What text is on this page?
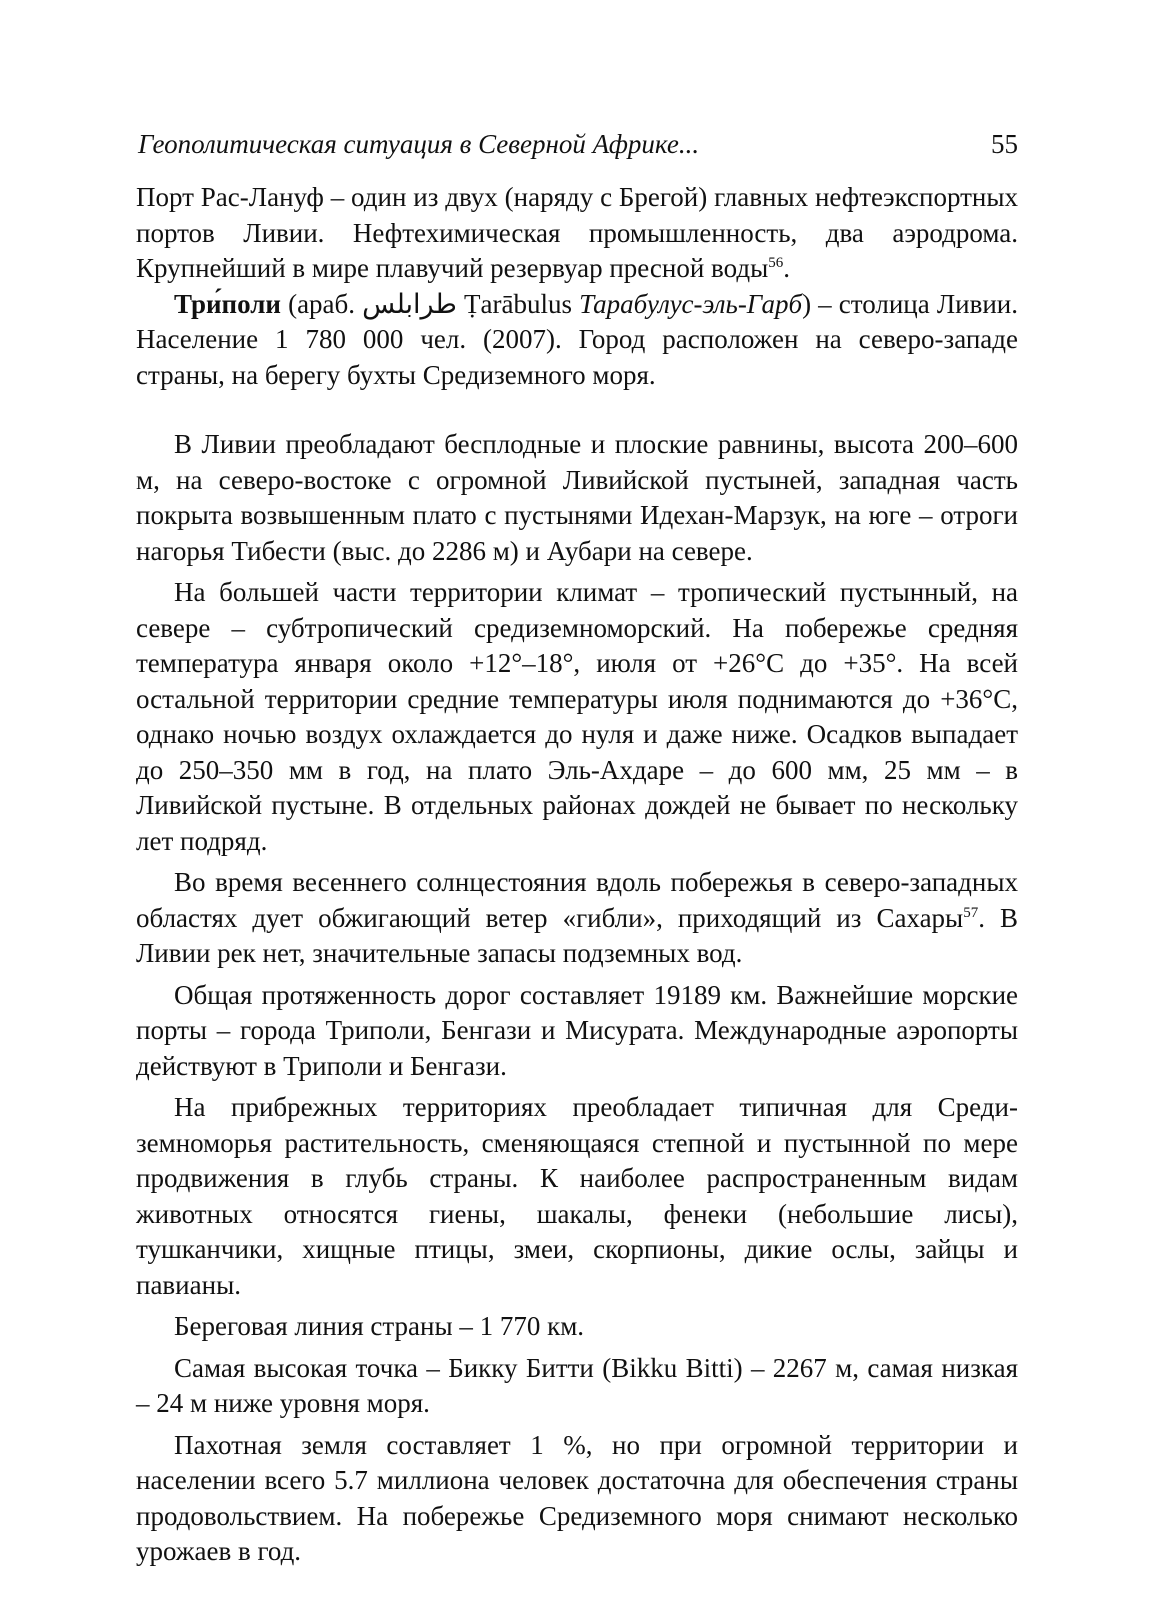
Геополитическая ситуация в Северной Африке...	55

Порт Рас-Лануф – один из двух (наряду с Брегой) главных нефтеэкспортных портов Ливии. Нефтехимическая промышленность, два аэродрома. Крупнейший в мире плавучий резервуар пресной воды$^{56}$.

Три́поли (араб. طرابلس Ṭarābulus Тарабулус-эль-Гарб) – столица Ливии. Население 1 780 000 чел. (2007). Город расположен на северо-западе страны, на берегу бухты Средиземного моря.

В Ливии преобладают бесплодные и плоские равнины, высота 200–600 м, на северо-востоке с огромной Ливийской пустыней, западная часть покрыта возвышенным плато с пустынями Идехан-Марзук, на юге – отроги нагорья Тибести (выс. до 2286 м) и Аубари на севере.

На большей части территории климат – тропический пустынный, на севере – субтропический средиземноморский. На побережье средняя температура января около +12°–18°, июля от +26°С до +35°. На всей остальной территории средние температуры июля поднимаются до +36°С, однако ночью воздух охлаждается до нуля и даже ниже. Осадков выпадает до 250–350 мм в год, на плато Эль-Ахдаре – до 600 мм, 25 мм – в Ливийской пустыне. В отдельных районах дождей не бывает по нескольку лет подряд.

Во время весеннего солнцестояния вдоль побережья в северо-западных областях дует обжигающий ветер «гибли», приходящий из Сахары$^{57}$. В Ливии рек нет, значительные запасы подземных вод.

Общая протяженность дорог составляет 19189 км. Важнейшие морские порты – города Триполи, Бенгази и Мисурата. Международные аэропорты действуют в Триполи и Бенгази.

На прибрежных территориях преобладает типичная для Средиземноморья растительность, сменяющаяся степной и пустынной по мере продвижения в глубь страны. К наиболее распространенным видам животных относятся гиены, шакалы, фенеки (небольшие лисы), тушканчики, хищные птицы, змеи, скорпионы, дикие ослы, зайцы и павианы.

Береговая линия страны – 1 770 км.

Самая высокая точка – Бикку Битти (Bikku Bitti) – 2267 м, самая низкая – 24 м ниже уровня моря.

Пахотная земля составляет 1 %, но при огромной территории и населении всего 5.7 миллиона человек достаточна для обеспечения страны продовольствием. На побережье Средиземного моря снимают несколько урожаев в год.
